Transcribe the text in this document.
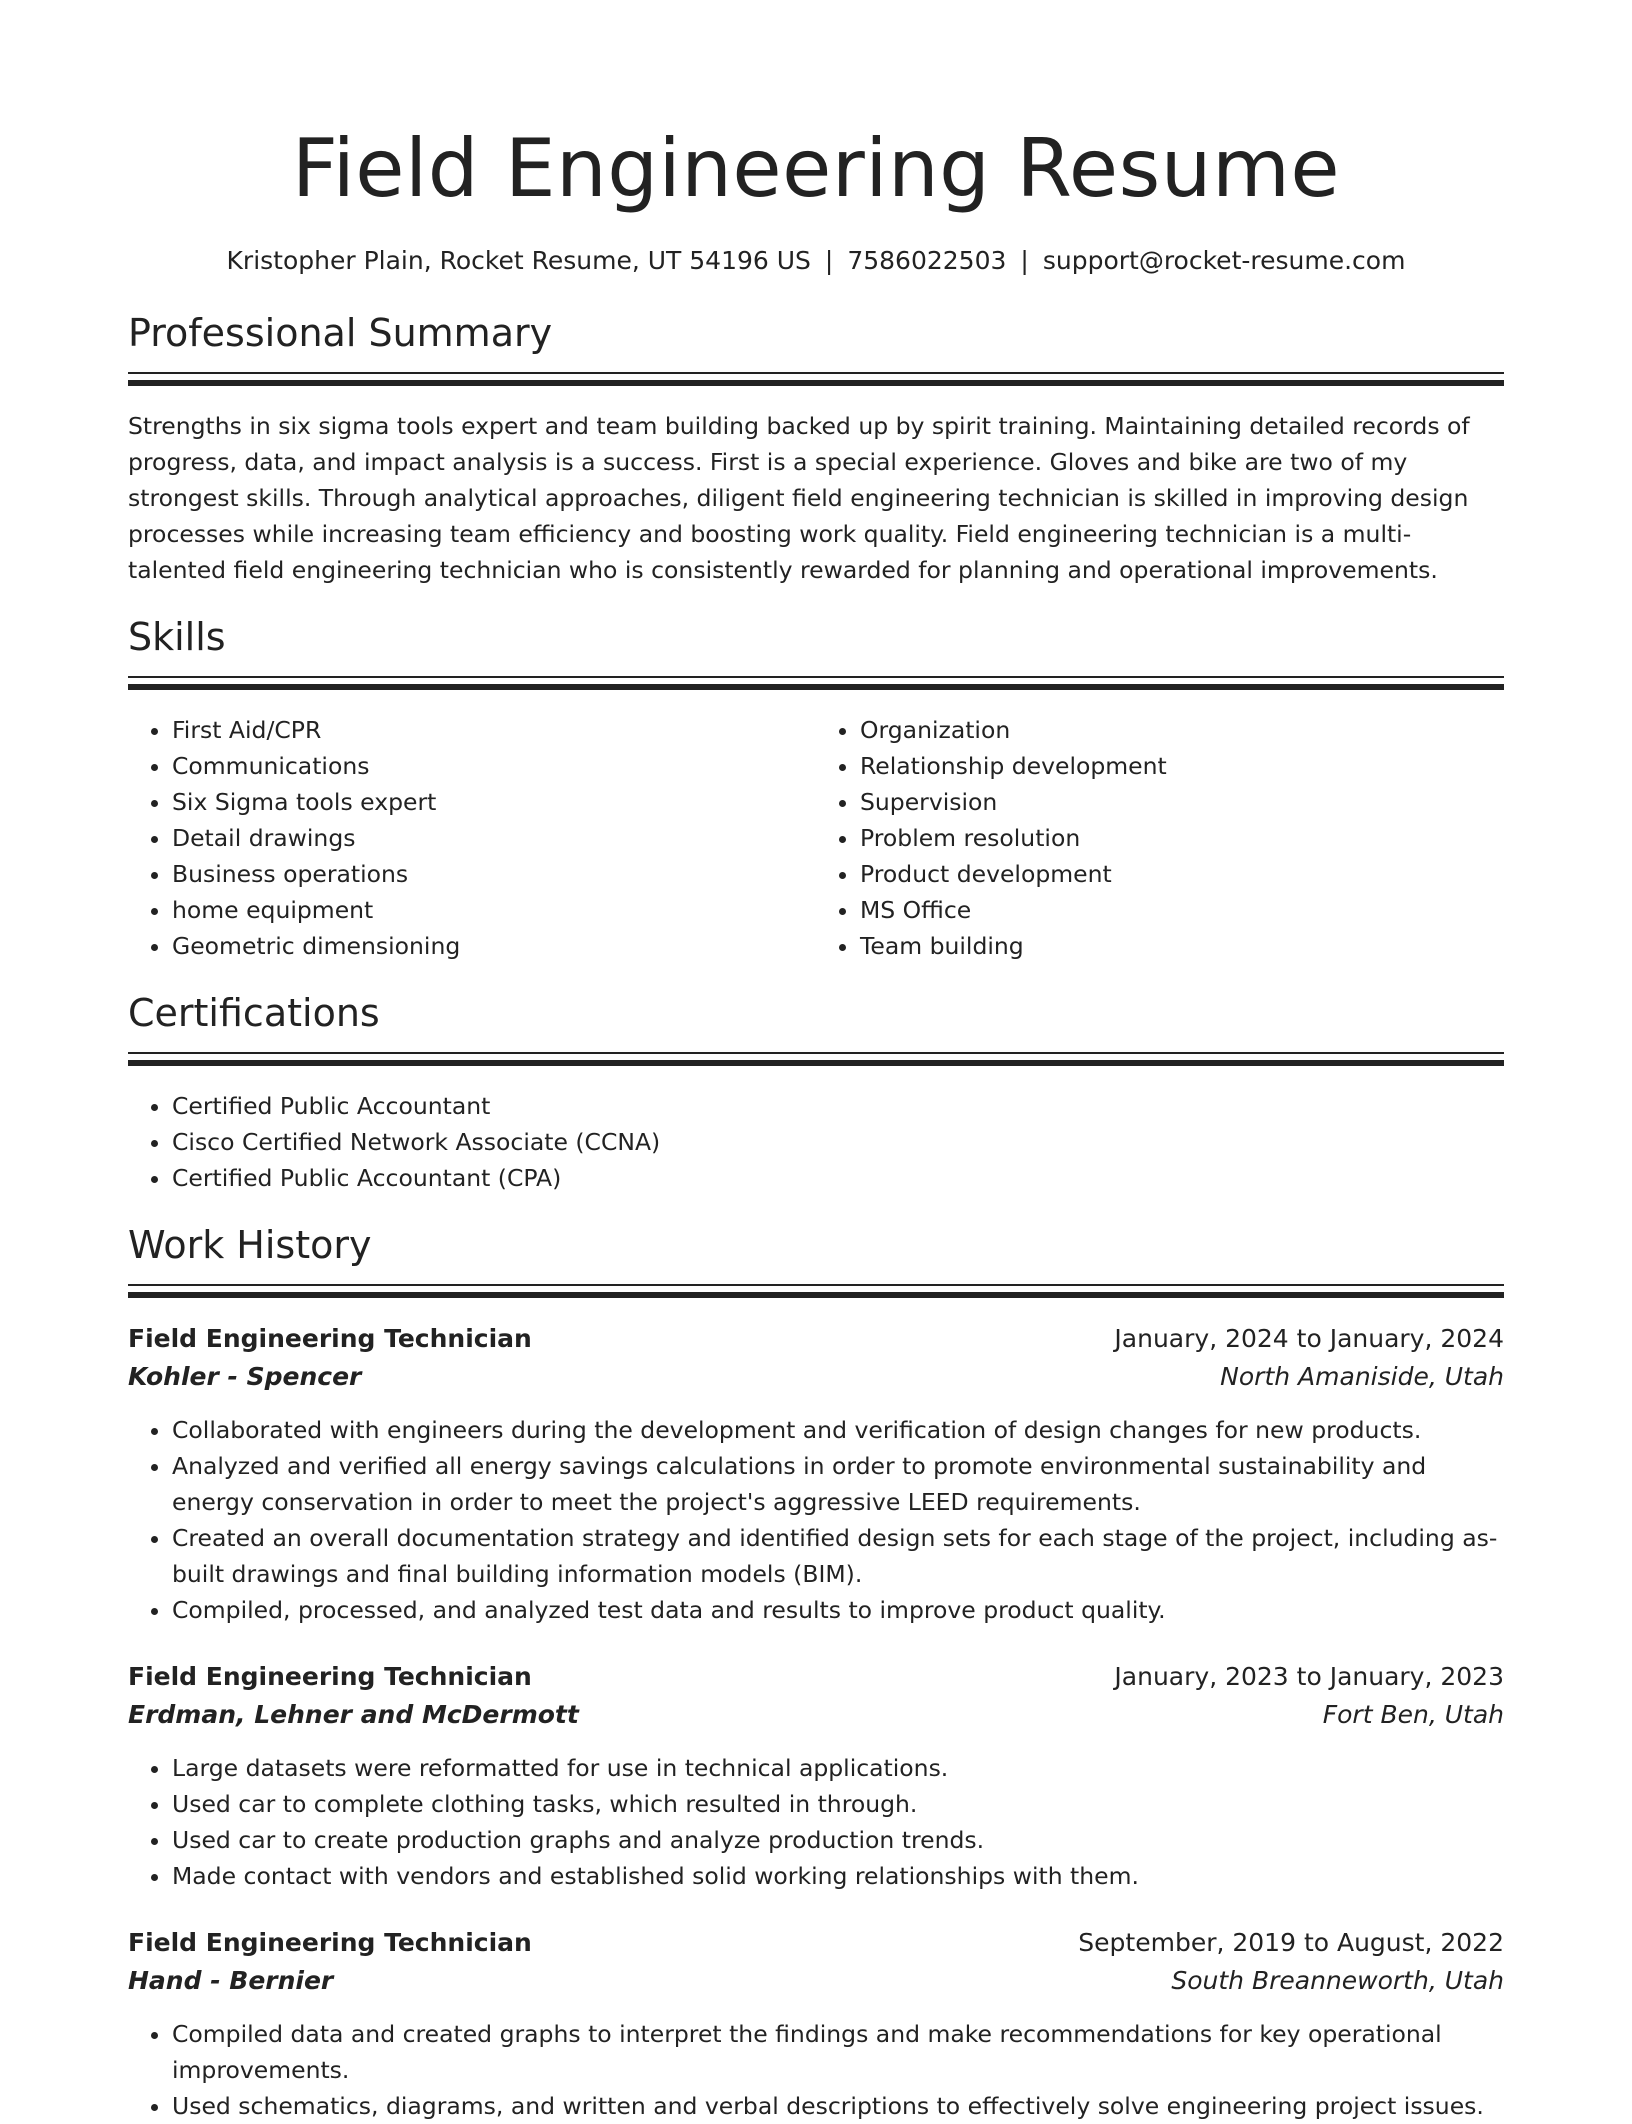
Field Engineering Resume
Kristopher Plain, Rocket Resume, UT 54196 US | 7586022503 | support@rocket-resume.com
Professional Summary

Strengths in six sigma tools expert and team building backed up by spirit training. Maintaining detailed records of progress, data, and impact analysis is a success. First is a special experience. Gloves and bike are two of my strongest skills. Through analytical approaches, diligent field engineering technician is skilled in improving design processes while increasing team efficiency and boosting work quality. Field engineering technician is a multi-talented field engineering technician who is consistently rewarded for planning and operational improvements.

Skills
• First Aid/CPR
• Communications
• Six Sigma tools expert
• Detail drawings
• Business operations
• home equipment
• Geometric dimensioning
• Organization
• Relationship development
• Supervision
• Problem resolution
• Product development
• MS Office
• Team building
Certifications
• Certified Public Accountant
• Cisco Certified Network Associate (CCNA)
• Certified Public Accountant (CPA)
Work History
Field Engineering Technician	January, 2024 to January, 2024
Kohler - Spencer	North Amaniside, Utah
• Collaborated with engineers during the development and verification of design changes for new products.
• Analyzed and verified all energy savings calculations in order to promote environmental sustainability and energy conservation in order to meet the project's aggressive LEED requirements.
• Created an overall documentation strategy and identified design sets for each stage of the project, including as-built drawings and final building information models (BIM).
• Compiled, processed, and analyzed test data and results to improve product quality.
Field Engineering Technician	January, 2023 to January, 2023
Erdman, Lehner and McDermott	Fort Ben, Utah
• Large datasets were reformatted for use in technical applications.
• Used car to complete clothing tasks, which resulted in through.
• Used car to create production graphs and analyze production trends.
• Made contact with vendors and established solid working relationships with them.
Field Engineering Technician	September, 2019 to August, 2022
Hand - Bernier	South Breanneworth, Utah
• Compiled data and created graphs to interpret the findings and make recommendations for key operational improvements.
• Used schematics, diagrams, and written and verbal descriptions to effectively solve engineering project issues.
